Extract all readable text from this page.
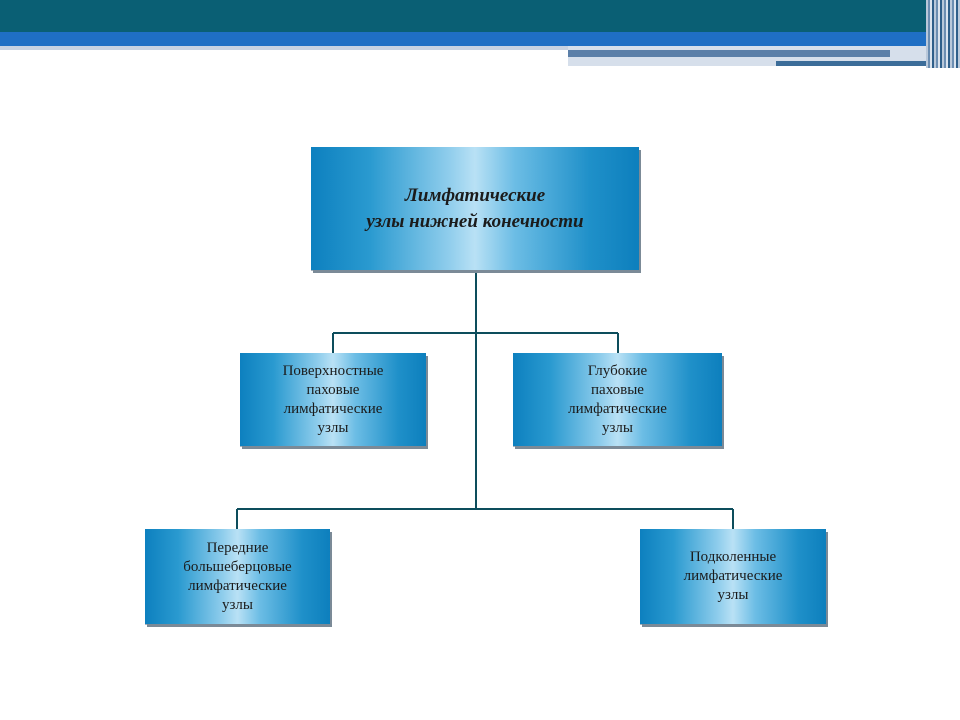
Лимфатические
узлы нижней конечности
Поверхностные
паховые
лимфатические
узлы
Глубокие
паховые
лимфатические
узлы
Передние
большеберцовые
лимфатические
узлы
Подколенные
лимфатические
узлы
